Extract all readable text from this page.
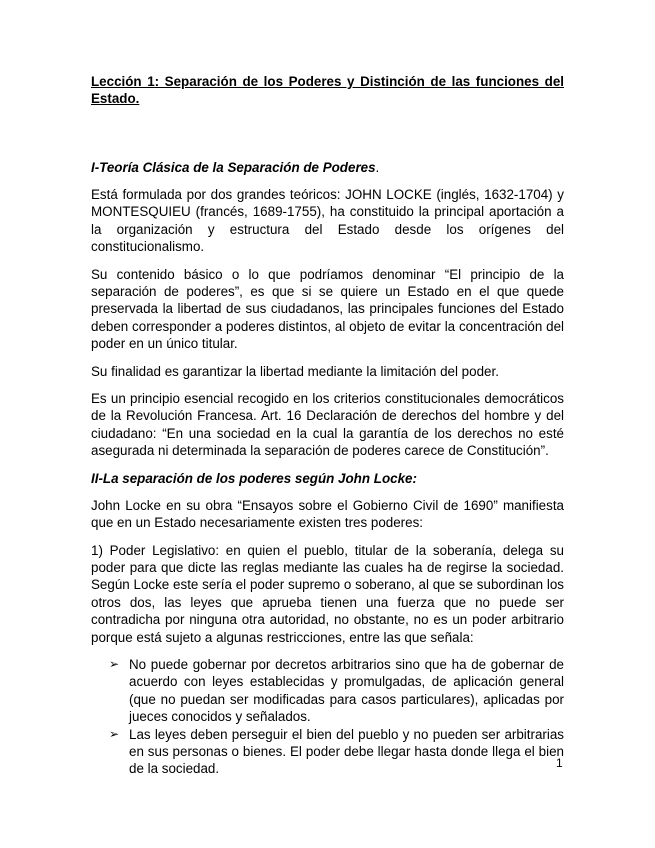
Lección 1: Separación de los Poderes y Distinción de las funciones del Estado.

I-Teoría Clásica de la Separación de Poderes.

Está formulada por dos grandes teóricos: JOHN LOCKE (inglés, 1632-1704) y MONTESQUIEU (francés, 1689-1755), ha constituido la principal aportación a la organización y estructura del Estado desde los orígenes del constitucionalismo.

Su contenido básico o lo que podríamos denominar “El principio de la separación de poderes”, es que si se quiere un Estado en el que quede preservada la libertad de sus ciudadanos, las principales funciones del Estado deben corresponder a poderes distintos, al objeto de evitar la concentración del poder en un único titular.

Su finalidad es garantizar la libertad mediante la limitación del poder.

Es un principio esencial recogido en los criterios constitucionales democráticos de la Revolución Francesa. Art. 16 Declaración de derechos del hombre y del ciudadano: “En una sociedad en la cual la garantía de los derechos no esté asegurada ni determinada la separación de poderes carece de Constitución”.

II-La separación de los poderes según John Locke:

John Locke en su obra “Ensayos sobre el Gobierno Civil de 1690” manifiesta que en un Estado necesariamente existen tres poderes:

1) Poder Legislativo: en quien el pueblo, titular de la soberanía, delega su poder para que dicte las reglas mediante las cuales ha de regirse la sociedad. Según Locke este sería el poder supremo o soberano, al que se subordinan los otros dos, las leyes que aprueba tienen una fuerza que no puede ser contradicha por ninguna otra autoridad, no obstante, no es un poder arbitrario porque está sujeto a algunas restricciones, entre las que señala:

➢ No puede gobernar por decretos arbitrarios sino que ha de gobernar de acuerdo con leyes establecidas y promulgadas, de aplicación general (que no puedan ser modificadas para casos particulares), aplicadas por jueces conocidos y señalados.
➢ Las leyes deben perseguir el bien del pueblo y no pueden ser arbitrarias en sus personas o bienes. El poder debe llegar hasta donde llega el bien de la sociedad.	1
